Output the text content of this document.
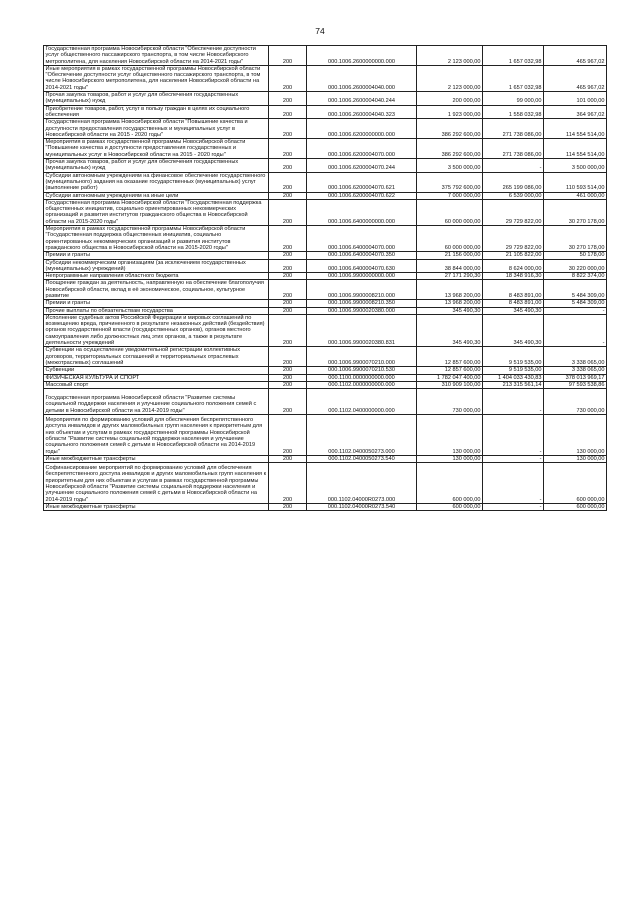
74
Государственная программа Новосибирской области "Обеспечение доступности услуг общественного пассажирского транспорта, в том числе Новосибирского метрополитена, для населения Новосибирской области на 2014-2021 годы"	200	000.1006.2600000000.000	2 123 000,00	1 657 032,98	465 967,02
Иные мероприятия в рамках государственной программы Новосибирской области "Обеспечение доступности услуг общественного пассажирского транспорта, в том числе Новосибирского метрополитена, для населения Новосибирской области на 2014-2021 годы"	200	000.1006.2600004040.000	2 123 000,00	1 657 032,98	465 967,02
Прочая закупка товаров, работ и услуг для обеспечения государственных (муниципальных) нужд	200	000.1006.2600004040.244	200 000,00	99 000,00	101 000,00
Приобретение товаров, работ, услуг в пользу граждан в целях их социального обеспечения	200	000.1006.2600004040.323	1 923 000,00	1 558 032,98	364 967,02
Государственная программа Новосибирской области "Повышение качества и доступности предоставления государственных и муниципальных услуг в Новосибирской области на 2015 - 2020 годы"	200	000.1006.6200000000.000	386 292 600,00	271 738 086,00	114 554 514,00
Мероприятия в рамках государственной программы Новосибирской области "Повышение качества и доступности предоставления государственных и муниципальных услуг в Новосибирской области на 2015 - 2020 годы"	200	000.1006.6200004070.000	386 292 600,00	271 738 086,00	114 554 514,00
Прочая закупка товаров, работ и услуг для обеспечения государственных (муниципальных) нужд	200	000.1006.6200004070.244	3 500 000,00	-	3 500 000,00
Субсидии автономным учреждениям на финансовое обеспечение государственного (муниципального) задания на оказание государственных (муниципальных) услуг (выполнение работ)	200	000.1006.6200004070.621	375 792 600,00	265 199 086,00	110 593 514,00
Субсидии автономным учреждениям на иные цели	200	000.1006.6200004070.622	7 000 000,00	6 539 000,00	461 000,00
Государственная программа Новосибирской области "Государственная поддержка общественных инициатив, социально ориентированных некоммерческих организаций и развития институтов гражданского общества в Новосибирской области на 2015-2020 годы"	200	000.1006.6400000000.000	60 000 000,00	29 729 822,00	30 270 178,00
Мероприятия в рамках государственной программы Новосибирской области "Государственная поддержка общественных инициатив, социально ориентированных некоммерческих организаций и развития институтов гражданского общества в Новосибирской области на 2015-2020 годы"	200	000.1006.6400004070.000	60 000 000,00	29 729 822,00	30 270 178,00
Премии и гранты	200	000.1006.6400004070.350	21 156 000,00	21 105 822,00	50 178,00
Субсидии некоммерческим организациям (за исключением государственных (муниципальных) учреждений)	200	000.1006.6400004070.630	38 844 000,00	8 624 000,00	30 220 000,00
Непрограммные направления областного бюджета	200	000.1006.9900000000.000	27 171 290,30	18 348 916,30	8 822 374,00
Поощрение граждан за деятельность, направленную на обеспечение благополучия Новосибирской области, вклад в её экономическое, социальное, культурное развитие	200	000.1006.9900008210.000	13 968 200,00	8 483 891,00	5 484 309,00
Премии и гранты	200	000.1006.9900008210.350	13 968 200,00	8 483 891,00	5 484 309,00
Прочие выплаты по обязательствам государства	200	000.1006.9900020380.000	345 490,30	345 490,30	-
Исполнение судебных актов Российской Федерации и мировых соглашений по возмещению вреда, причиненного в результате незаконных действий (бездействия) органов государственной власти (государственных органов), органов местного самоуправления либо должностных лиц этих органов, а также в результате деятельности учреждений	200	000.1006.9900020380.831	345 490,30	345 490,30	-
Субвенции на осуществление уведомительной регистрации коллективных договоров, территориальных соглашений и территориальных отраслевых (межотраслевых) соглашений	200	000.1006.9900070210.000	12 857 600,00	9 519 535,00	3 338 065,00
Субвенции	200	000.1006.9900070210.530	12 857 600,00	9 519 535,00	3 338 065,00
ФИЗИЧЕСКАЯ КУЛЬТУРА И СПОРТ	200	000.1100.0000000000.000	1 782 047 400,00	1 404 033 430,83	378 013 969,17
Массовый спорт	200	000.1102.0000000000.000	310 909 100,00	213 315 561,14	97 593 538,86
Государственная программа Новосибирской области "Развитие системы социальной поддержки населения и улучшение социального положения семей с детьми в Новосибирской области на 2014-2019 годы"	200	000.1102.0400000000.000	730 000,00	-	730 000,00
Мероприятия по формированию условий для обеспечения беспрепятственного доступа инвалидов и других маломобильных групп населения к приоритетным для них объектам и услугам в рамках государственной программы Новосибирской области "Развитие системы социальной поддержки населения и улучшение социального положения семей с детьми в Новосибирской области на 2014-2019 годы"	200	000.1102.0400050273.000	130 000,00	-	130 000,00
Иные межбюджетные трансферты	200	000.1102.0400050273.540	130 000,00	-	130 000,00
Софинансирование мероприятий по формированию условий для обеспечения беспрепятственного доступа инвалидов и других маломобильных групп населения к приоритетным для них объектам и услугам в рамках государственной программы Новосибирской области "Развитие системы социальной поддержки населения и улучшение социального положения семей с детьми в Новосибирской области на 2014-2019 годы"	200	000.1102.04000R0273.000	600 000,00	-	600 000,00
Иные межбюджетные трансферты	200	000.1102.04000R0273.540	600 000,00	-	600 000,00
